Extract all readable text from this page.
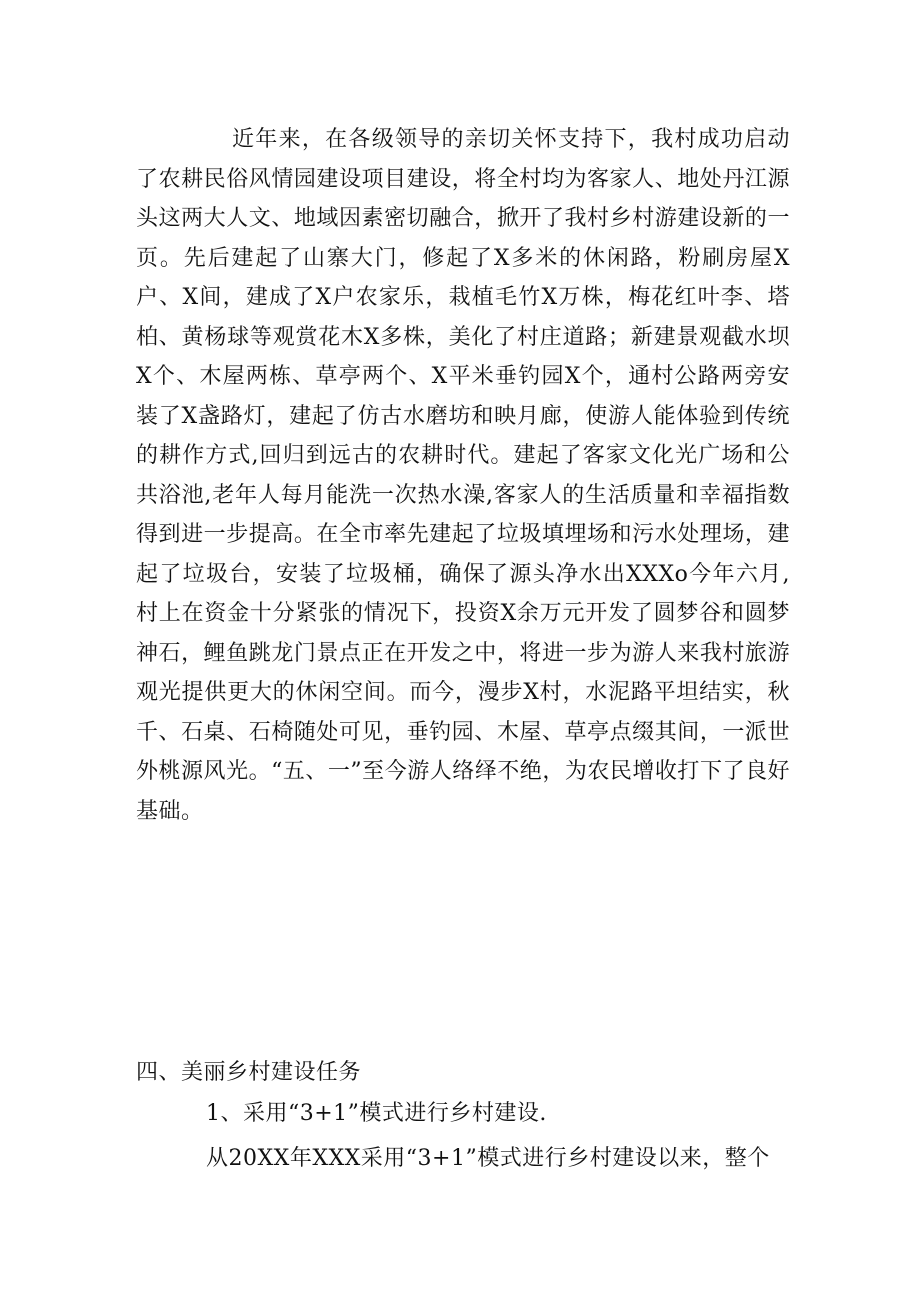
近年来，在各级领导的亲切关怀支持下，我村成功启动了农耕民俗风情园建设项目建设，将全村均为客家人、地处丹江源头这两大人文、地域因素密切融合，掀开了我村乡村游建设新的一页。先后建起了山寨大门，修起了X多米的休闲路，粉刷房屋X户、X间，建成了X户农家乐，栽植毛竹X万株，梅花红叶李、塔柏、黄杨球等观赏花木X多株，美化了村庄道路；新建景观截水坝X个、木屋两栋、草亭两个、X平米垂钓园X个，通村公路两旁安装了X盏路灯，建起了仿古水磨坊和映月廊，使游人能体验到传统的耕作方式,回归到远古的农耕时代。建起了客家文化光广场和公共浴池,老年人每月能洗一次热水澡,客家人的生活质量和幸福指数得到进一步提高。在全市率先建起了垃圾填埋场和污水处理场，建起了垃圾台，安装了垃圾桶，确保了源头净水出XXXo今年六月,村上在资金十分紧张的情况下，投资X余万元开发了圆梦谷和圆梦神石，鲤鱼跳龙门景点正在开发之中，将进一步为游人来我村旅游观光提供更大的休闲空间。而今，漫步X村，水泥路平坦结实，秋千、石桌、石椅随处可见，垂钓园、木屋、草亭点缀其间，一派世外桃源风光。“五、一”至今游人络绎不绝，为农民增收打下了良好基础。

四、美丽乡村建设任务

1、采用“3+1”模式进行乡村建设.

从20XX年XXX采用“3+1”模式进行乡村建设以来，整个
